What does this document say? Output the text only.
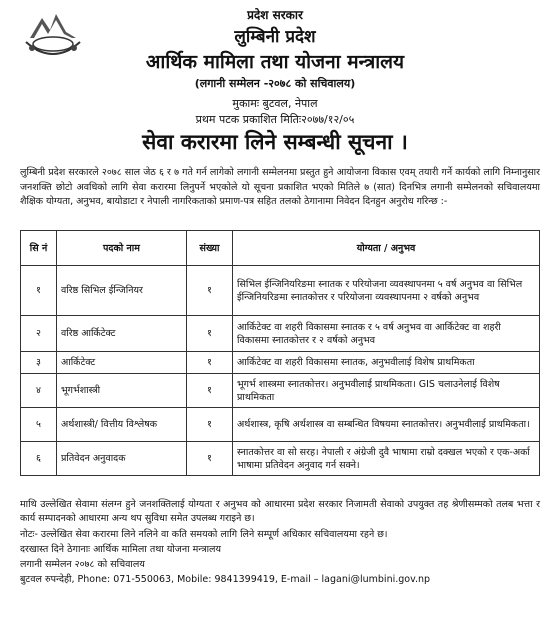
प्रदेश सरकार
लुम्बिनी प्रदेश
आर्थिक मामिला तथा योजना मन्त्रालय
(लगानी सम्मेलन -२०७८ को सचिवालय)
मुकामः बुटवल, नेपाल
प्रथम पटक प्रकाशित मितिः२०७७/१२/०५
सेवा करारमा लिने सम्बन्धी सूचना ।
लुम्बिनी प्रदेश सरकारले २०७८ साल जेठ ६ र ७ गते गर्न लागेको लगानी सम्मेलनमा प्रस्तुत हुने आयोजना विकास एवम् तयारी गर्ने कार्यको लागि निम्नानुसार जनशक्ति छोटो अवधिको लागि सेवा करारमा लिनुपर्ने भएकोले यो सूचना प्रकाशित भएको मितिले ७ (सात) दिनभित्र लगानी सम्मेलनको सचिवालयमा शैक्षिक योग्यता, अनुभव, बायोडाटा र नेपाली नागरिकताको प्रमाण-पत्र सहित तलको ठेगानामा निवेदन दिनहुन अनुरोध गरिन्छ :-
सि नं	पदको नाम	संख्या	योग्यता / अनुभव
१	वरिष्ठ सिभिल ईन्जिनियर	१	सिभिल ईन्जिनियरिङमा स्नातक र परियोजना व्यवस्थापनमा ५ वर्ष अनुभव वा सिभिल ईन्जिनियरिङमा स्नातकोत्तर र परियोजना व्यवस्थापनमा २ वर्षको अनुभव
२	वरिष्ठ आर्किटेक्ट	१	आर्किटेक्ट वा शहरी विकासमा स्नातक र ५ वर्ष अनुभव वा आर्किटेक्ट वा शहरी विकासमा स्नातकोत्तर र २ वर्षको अनुभव
३	आर्किटेक्ट	१	आर्किटेक्ट वा शहरी विकासमा स्नातक, अनुभवीलाई विशेष प्राथमिकता
४	भूगर्भशास्त्री	१	भूगर्भ शास्त्रमा स्नातकोत्तर। अनुभवीलाई प्राथमिकता। GIS चलाउनेलाई विशेष प्राथमिकता
५	अर्थशास्त्री/ वित्तीय विश्लेषक	१	अर्थशास्त्र, कृषि अर्थशास्त्र वा सम्बन्धित विषयमा स्नातकोत्तर। अनुभवीलाई प्राथमिकता।
६	प्रतिवेदन अनुवादक	१	स्नातकोत्तर वा सो सरह। नेपाली र अंग्रेजी दुवै भाषामा राम्रो दक्खल भएको र एक-अर्का भाषामा प्रतिवेदन अनुवाद गर्न सक्ने।
माथि उल्लेखित सेवामा संलग्न हुने जनशक्तिलाई योग्यता र अनुभव को आधारमा प्रदेश सरकार निजामती सेवाको उपयुक्त तह श्रेणीसम्मको तलब भत्ता र कार्य सम्पादनको आधारमा अन्य थप सुविधा समेत उपलब्ध गराइने छ।
नोटः- उल्लेखित सेवा करारमा लिने नलिने वा कति समयको लागि लिने सम्पूर्ण अधिकार सचिवालयमा रहने छ।
दरखास्त दिने ठेगानाः आर्थिक मामिला तथा योजना मन्त्रालय
लगानी सम्मेलन २०७८ को सचिवालय
बुटवल रुपन्देही, Phone: 071-550063, Mobile: 9841399419, E-mail – lagani@lumbini.gov.np
